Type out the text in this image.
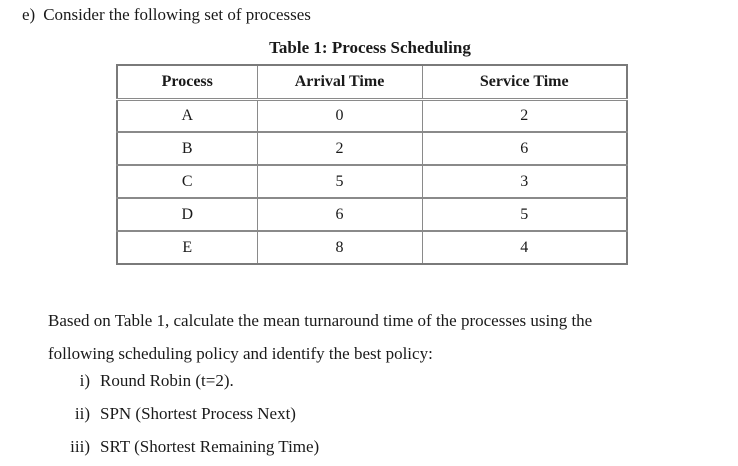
e) Consider the following set of processes
Table 1: Process Scheduling
Process	Arrival Time	Service Time
A	0	2
B	2	6
C	5	3
D	6	5
E	8	4
Based on Table 1, calculate the mean turnaround time of the processes using the
following scheduling policy and identify the best policy:
i) Round Robin (t=2).
ii) SPN (Shortest Process Next)
iii) SRT (Shortest Remaining Time)
